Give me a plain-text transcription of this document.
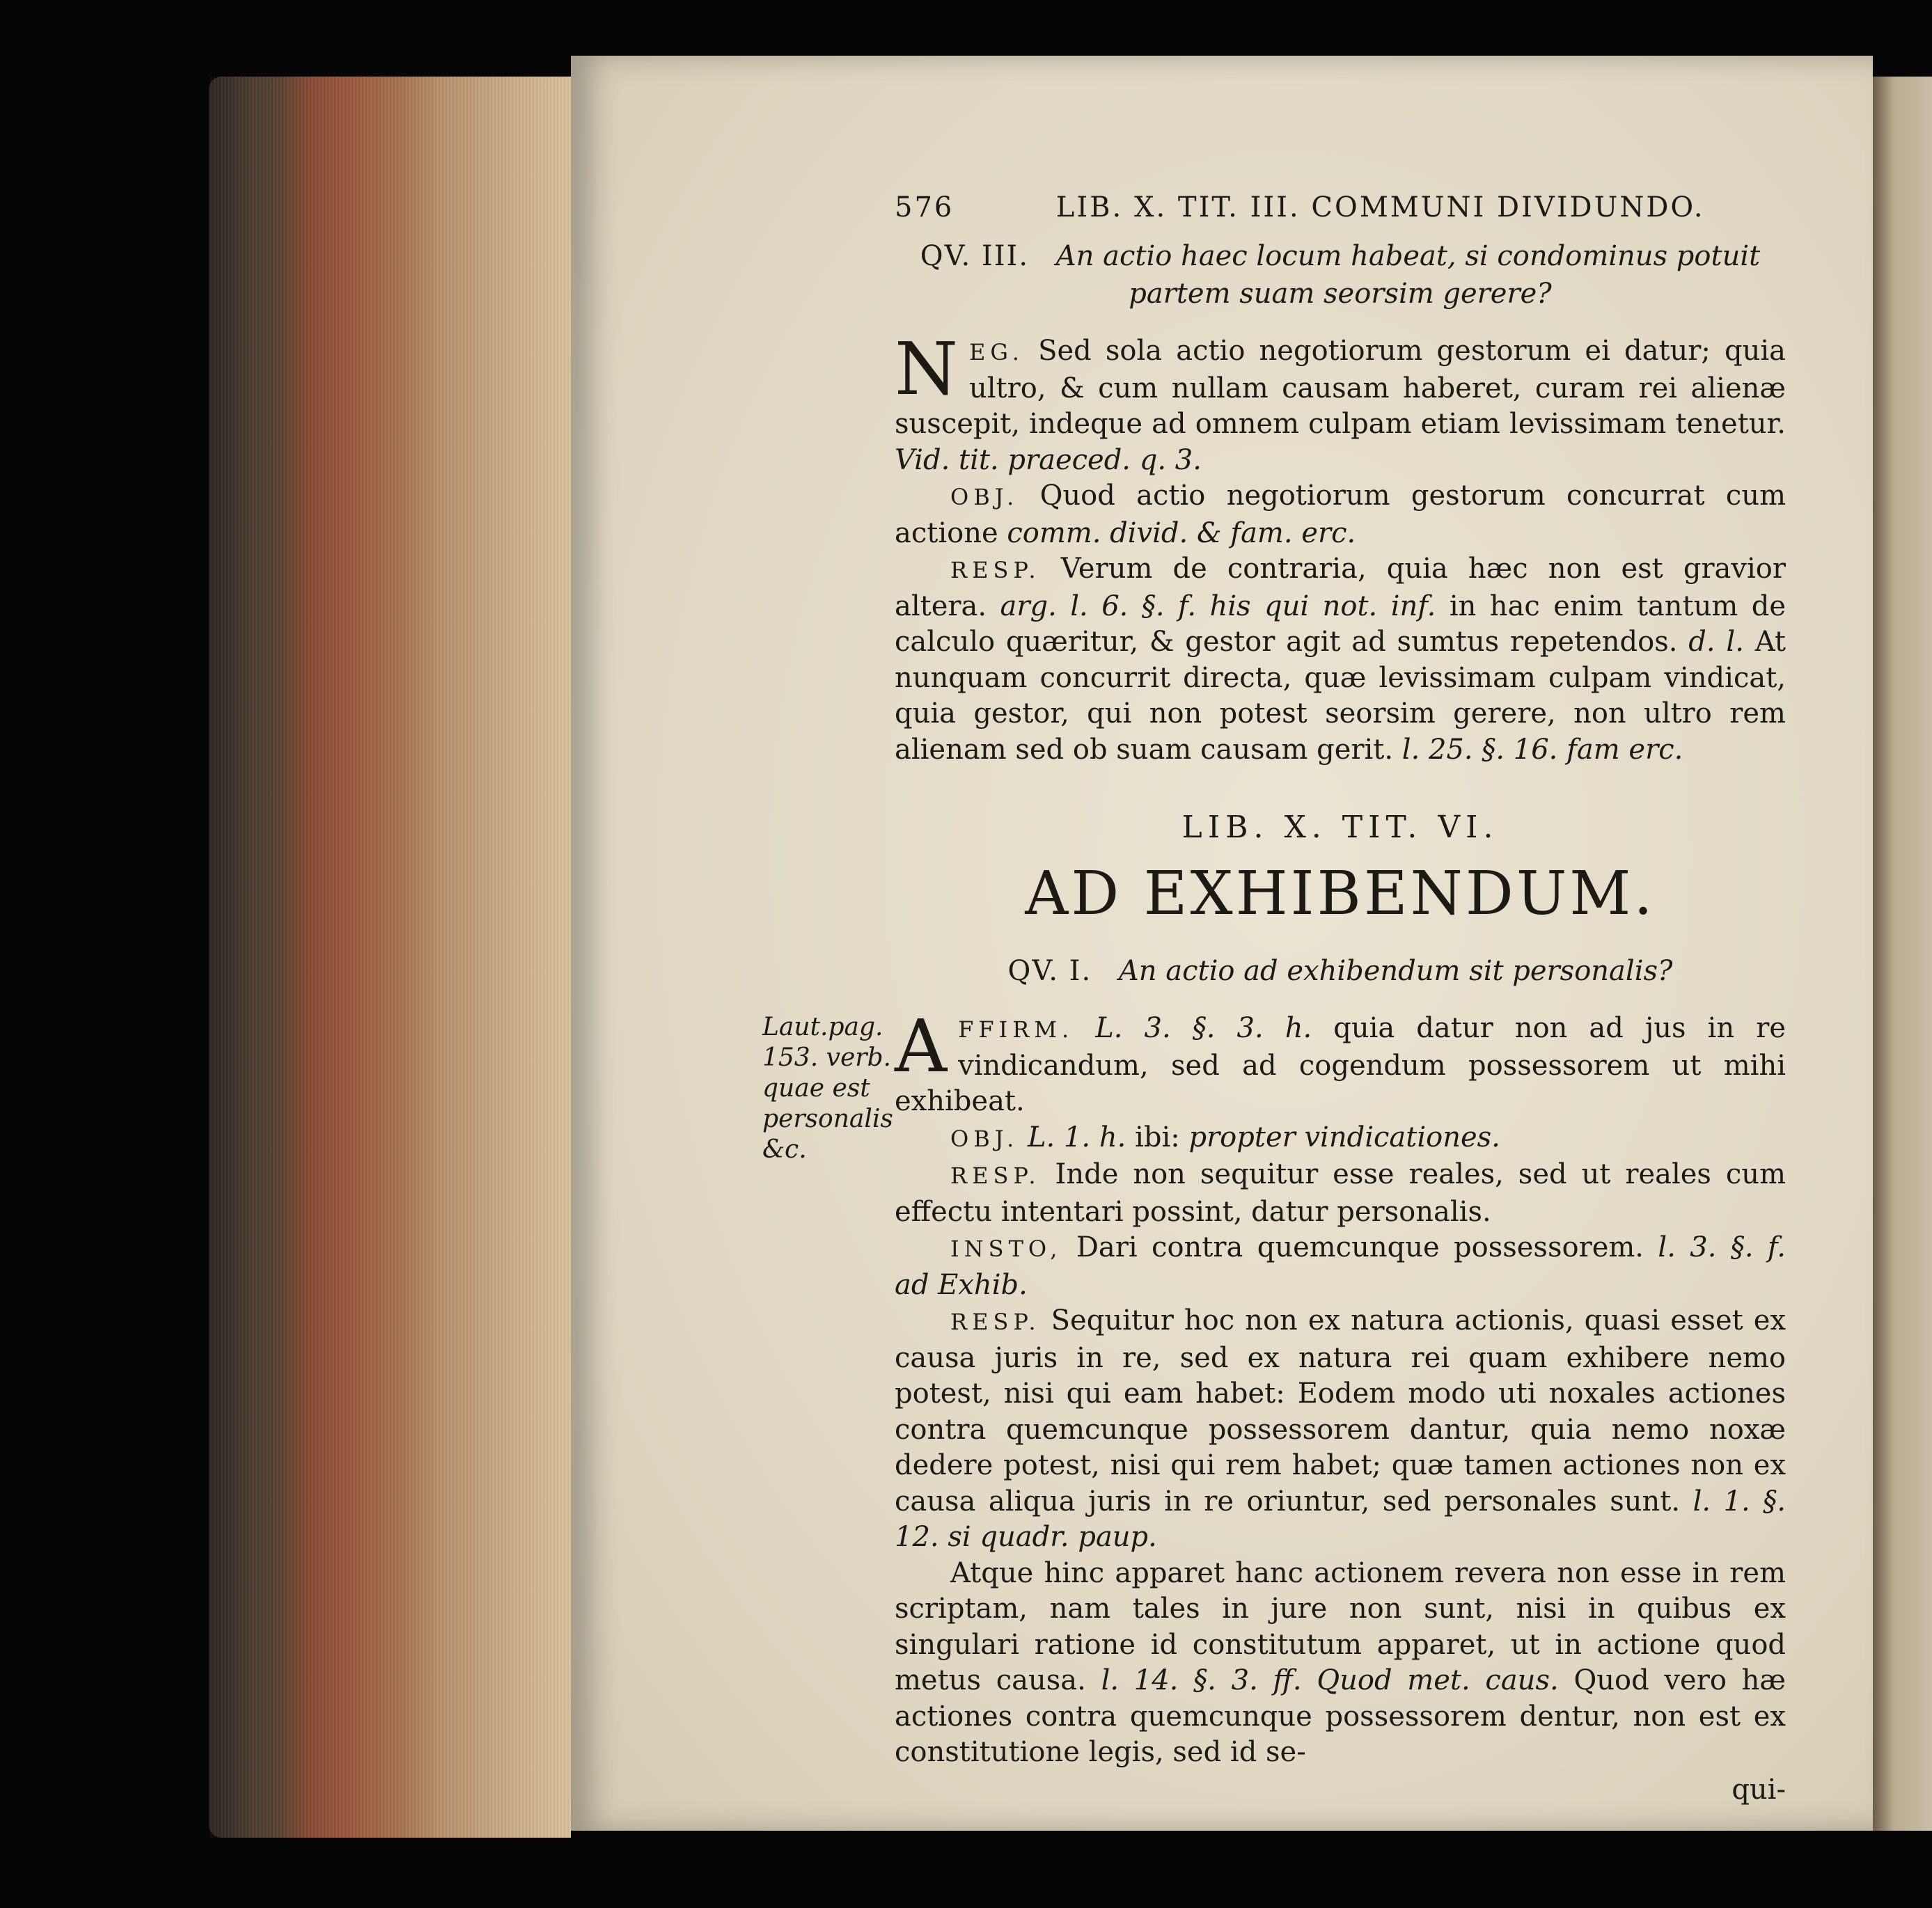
576	LIB. X. TIT. III. COMMUNI DIVIDUNDO.
QV. III. An actio haec locum habeat, si condominus potuit partem suam seorsim gerere?

N EG. Sed sola actio negotiorum gestorum ei datur; quia ultro, & cum nullam causam haberet, curam rei alienæ suscepit, indeque ad omnem culpam etiam levissimam tenetur. Vid. tit. praeced. q. 3.

OBJ. Quod actio negotiorum gestorum concurrat cum actione comm. divid. & fam. erc.

RESP. Verum de contraria, quia hæc non est gravior altera. arg. l. 6. §. f. his qui not. inf. in hac enim tantum de calculo quæritur, & gestor agit ad sumtus repetendos. d. l. At nunquam concurrit directa, quæ levissimam culpam vindicat, quia gestor, qui non potest seorsim gerere, non ultro rem alienam sed ob suam causam gerit. l. 25. §. 16. fam erc.

LIB. X. TIT. VI.
AD EXHIBENDUM.
QV. I. An actio ad exhibendum sit personalis?
Laut.pag.
153. verb.
quae est
personalis
&c.

A FFIRM. L. 3. §. 3. h. quia datur non ad jus in re vindicandum, sed ad cogendum possessorem ut mihi exhibeat.

OBJ. L. 1. h. ibi: propter vindicationes.

RESP. Inde non sequitur esse reales, sed ut reales cum effectu intentari possint, datur personalis.

INSTO, Dari contra quemcunque possessorem. l. 3. §. f. ad Exhib.

RESP. Sequitur hoc non ex natura actionis, quasi esset ex causa juris in re, sed ex natura rei quam exhibere nemo potest, nisi qui eam habet: Eodem modo uti noxales actiones contra quemcunque possessorem dantur, quia nemo noxæ dedere potest, nisi qui rem habet; quæ tamen actiones non ex causa aliqua juris in re oriuntur, sed personales sunt. l. 1. §. 12. si quadr. paup.

Atque hinc apparet hanc actionem revera non esse in rem scriptam, nam tales in jure non sunt, nisi in quibus ex singulari ratione id constitutum apparet, ut in actione quod metus causa. l. 14. §. 3. ff. Quod met. caus. Quod vero hæ actiones contra quemcunque possessorem dentur, non est ex constitutione legis, sed id se-

qui-
